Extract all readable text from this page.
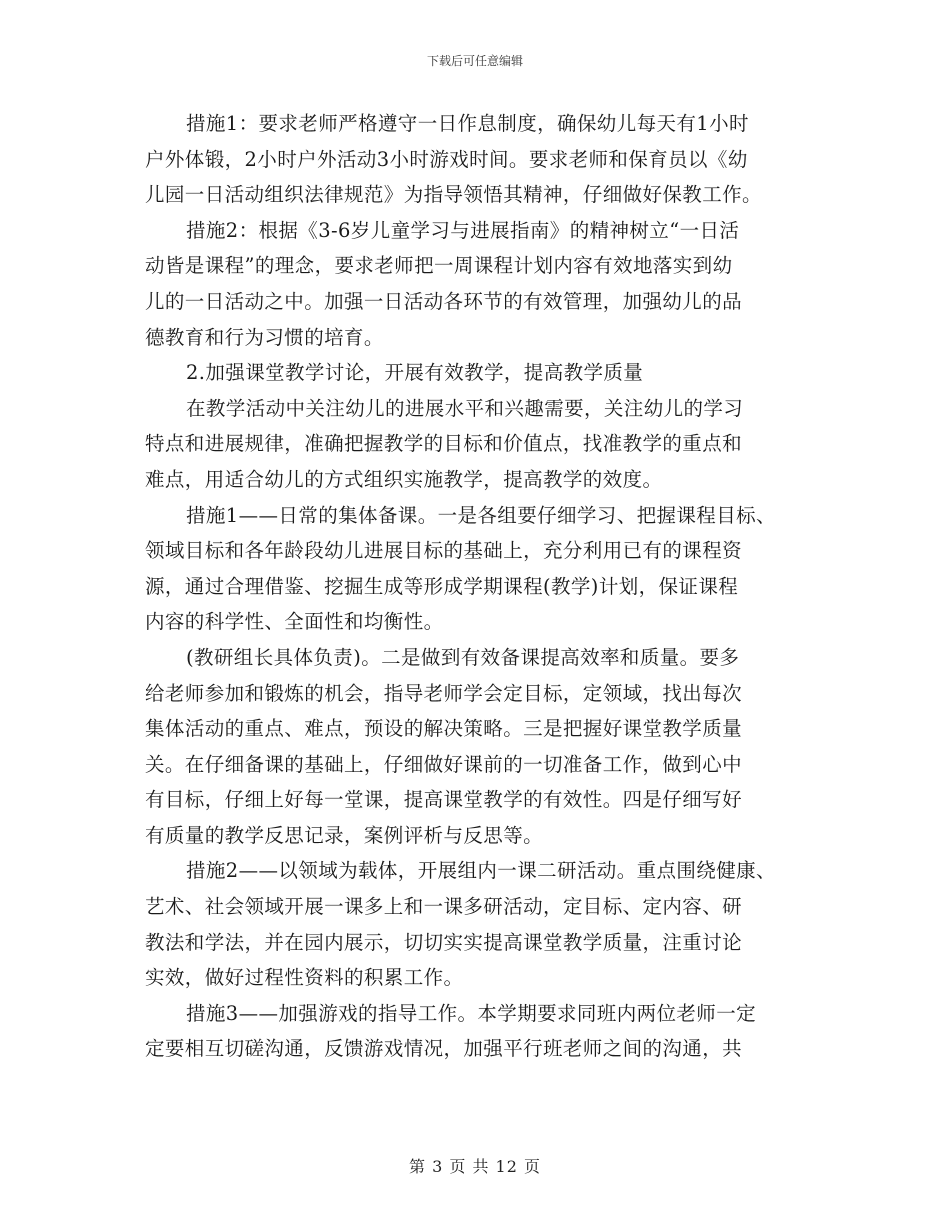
下载后可任意编辑
措施1：要求老师严格遵守一日作息制度，确保幼儿每天有1小时
户外体锻，2小时户外活动3小时游戏时间。要求老师和保育员以《幼
儿园一日活动组织法律规范》为指导领悟其精神，仔细做好保教工作。
措施2：根据《3-6岁儿童学习与进展指南》的精神树立“一日活
动皆是课程”的理念，要求老师把一周课程计划内容有效地落实到幼
儿的一日活动之中。加强一日活动各环节的有效管理，加强幼儿的品
德教育和行为习惯的培育。
2.加强课堂教学讨论，开展有效教学，提高教学质量
在教学活动中关注幼儿的进展水平和兴趣需要，关注幼儿的学习
特点和进展规律，准确把握教学的目标和价值点，找准教学的重点和
难点，用适合幼儿的方式组织实施教学，提高教学的效度。
措施1——日常的集体备课。一是各组要仔细学习、把握课程目标、
领域目标和各年龄段幼儿进展目标的基础上，充分利用已有的课程资
源，通过合理借鉴、挖掘生成等形成学期课程(教学)计划，保证课程
内容的科学性、全面性和均衡性。
(教研组长具体负责)。二是做到有效备课提高效率和质量。要多
给老师参加和锻炼的机会，指导老师学会定目标，定领域，找出每次
集体活动的重点、难点，预设的解决策略。三是把握好课堂教学质量
关。在仔细备课的基础上，仔细做好课前的一切准备工作，做到心中
有目标，仔细上好每一堂课，提高课堂教学的有效性。四是仔细写好
有质量的教学反思记录，案例评析与反思等。
措施2——以领域为载体，开展组内一课二研活动。重点围绕健康、
艺术、社会领域开展一课多上和一课多研活动，定目标、定内容、研
教法和学法，并在园内展示，切切实实提高课堂教学质量，注重讨论
实效，做好过程性资料的积累工作。
措施3——加强游戏的指导工作。本学期要求同班内两位老师一定
定要相互切磋沟通，反馈游戏情况，加强平行班老师之间的沟通，共
第 3 页 共 12 页
